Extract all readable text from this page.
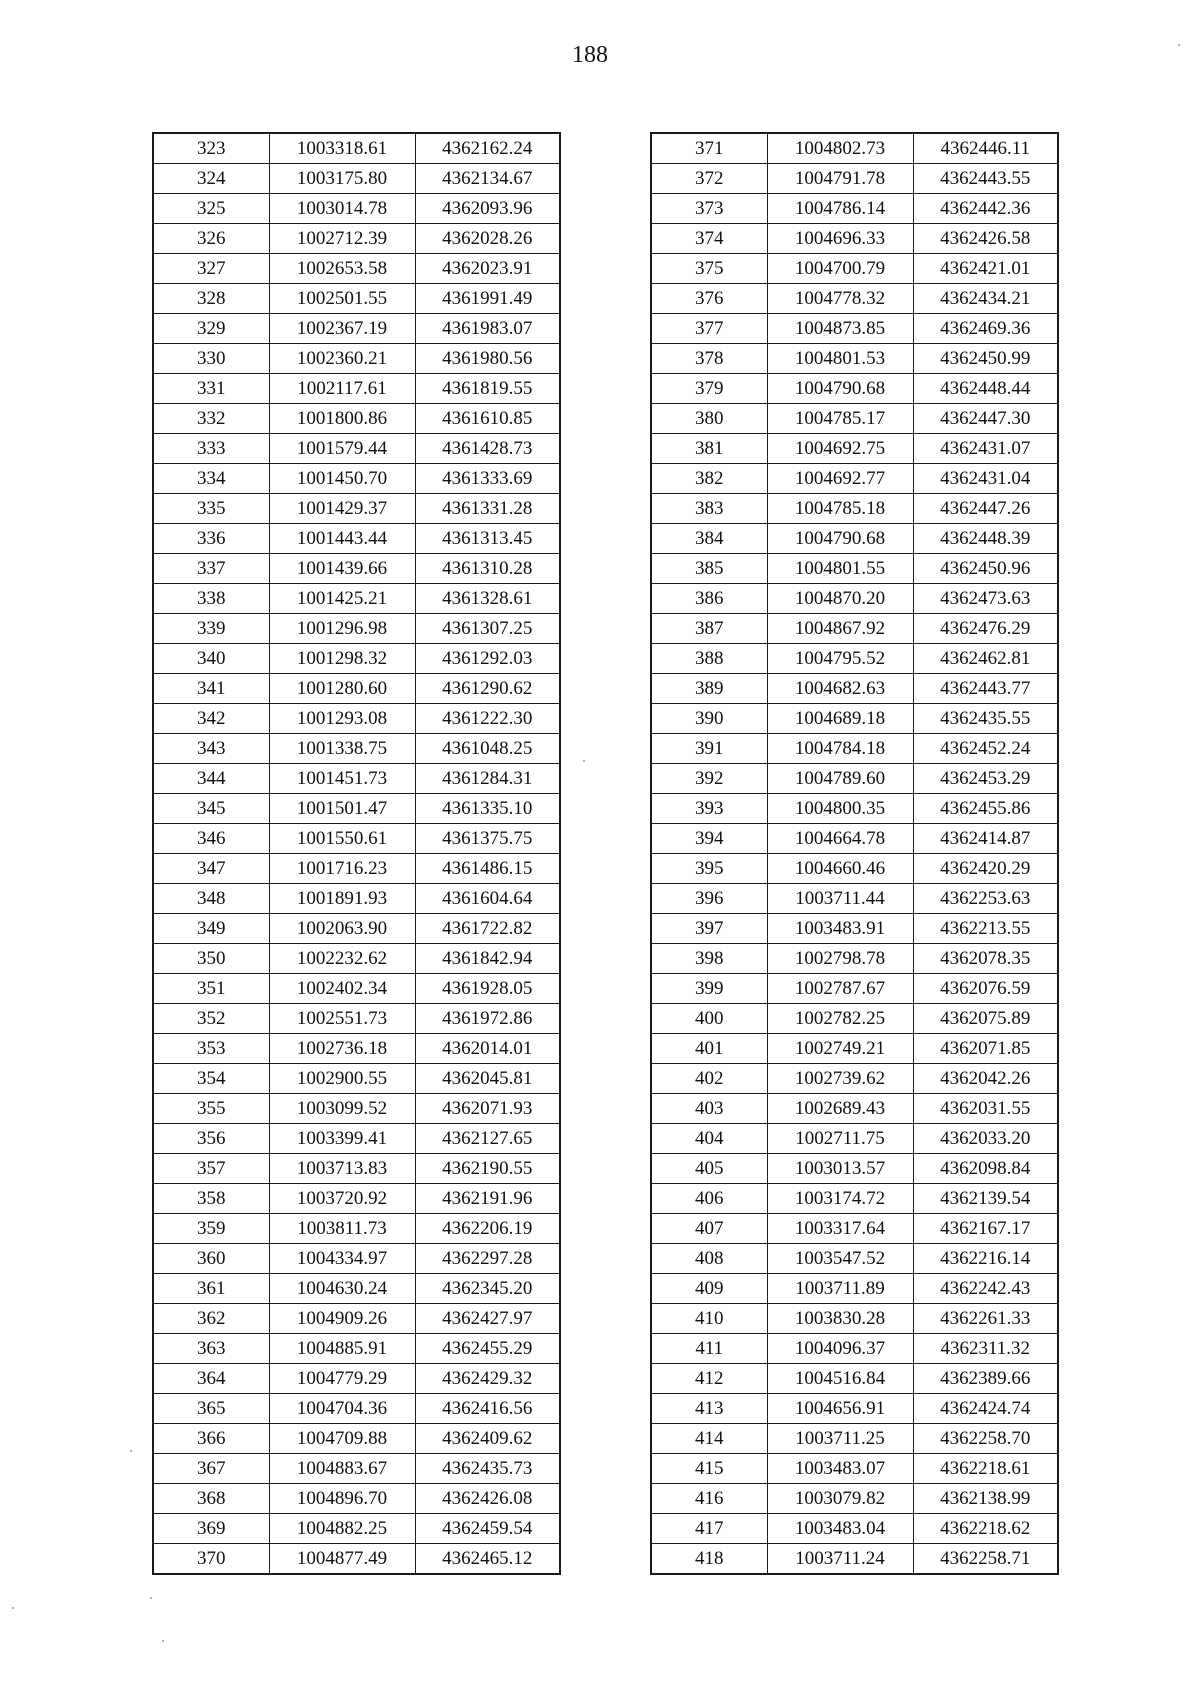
188
323	1003318.61	4362162.24
324	1003175.80	4362134.67
325	1003014.78	4362093.96
326	1002712.39	4362028.26
327	1002653.58	4362023.91
328	1002501.55	4361991.49
329	1002367.19	4361983.07
330	1002360.21	4361980.56
331	1002117.61	4361819.55
332	1001800.86	4361610.85
333	1001579.44	4361428.73
334	1001450.70	4361333.69
335	1001429.37	4361331.28
336	1001443.44	4361313.45
337	1001439.66	4361310.28
338	1001425.21	4361328.61
339	1001296.98	4361307.25
340	1001298.32	4361292.03
341	1001280.60	4361290.62
342	1001293.08	4361222.30
343	1001338.75	4361048.25
344	1001451.73	4361284.31
345	1001501.47	4361335.10
346	1001550.61	4361375.75
347	1001716.23	4361486.15
348	1001891.93	4361604.64
349	1002063.90	4361722.82
350	1002232.62	4361842.94
351	1002402.34	4361928.05
352	1002551.73	4361972.86
353	1002736.18	4362014.01
354	1002900.55	4362045.81
355	1003099.52	4362071.93
356	1003399.41	4362127.65
357	1003713.83	4362190.55
358	1003720.92	4362191.96
359	1003811.73	4362206.19
360	1004334.97	4362297.28
361	1004630.24	4362345.20
362	1004909.26	4362427.97
363	1004885.91	4362455.29
364	1004779.29	4362429.32
365	1004704.36	4362416.56
366	1004709.88	4362409.62
367	1004883.67	4362435.73
368	1004896.70	4362426.08
369	1004882.25	4362459.54
370	1004877.49	4362465.12
371	1004802.73	4362446.11
372	1004791.78	4362443.55
373	1004786.14	4362442.36
374	1004696.33	4362426.58
375	1004700.79	4362421.01
376	1004778.32	4362434.21
377	1004873.85	4362469.36
378	1004801.53	4362450.99
379	1004790.68	4362448.44
380	1004785.17	4362447.30
381	1004692.75	4362431.07
382	1004692.77	4362431.04
383	1004785.18	4362447.26
384	1004790.68	4362448.39
385	1004801.55	4362450.96
386	1004870.20	4362473.63
387	1004867.92	4362476.29
388	1004795.52	4362462.81
389	1004682.63	4362443.77
390	1004689.18	4362435.55
391	1004784.18	4362452.24
392	1004789.60	4362453.29
393	1004800.35	4362455.86
394	1004664.78	4362414.87
395	1004660.46	4362420.29
396	1003711.44	4362253.63
397	1003483.91	4362213.55
398	1002798.78	4362078.35
399	1002787.67	4362076.59
400	1002782.25	4362075.89
401	1002749.21	4362071.85
402	1002739.62	4362042.26
403	1002689.43	4362031.55
404	1002711.75	4362033.20
405	1003013.57	4362098.84
406	1003174.72	4362139.54
407	1003317.64	4362167.17
408	1003547.52	4362216.14
409	1003711.89	4362242.43
410	1003830.28	4362261.33
411	1004096.37	4362311.32
412	1004516.84	4362389.66
413	1004656.91	4362424.74
414	1003711.25	4362258.70
415	1003483.07	4362218.61
416	1003079.82	4362138.99
417	1003483.04	4362218.62
418	1003711.24	4362258.71
